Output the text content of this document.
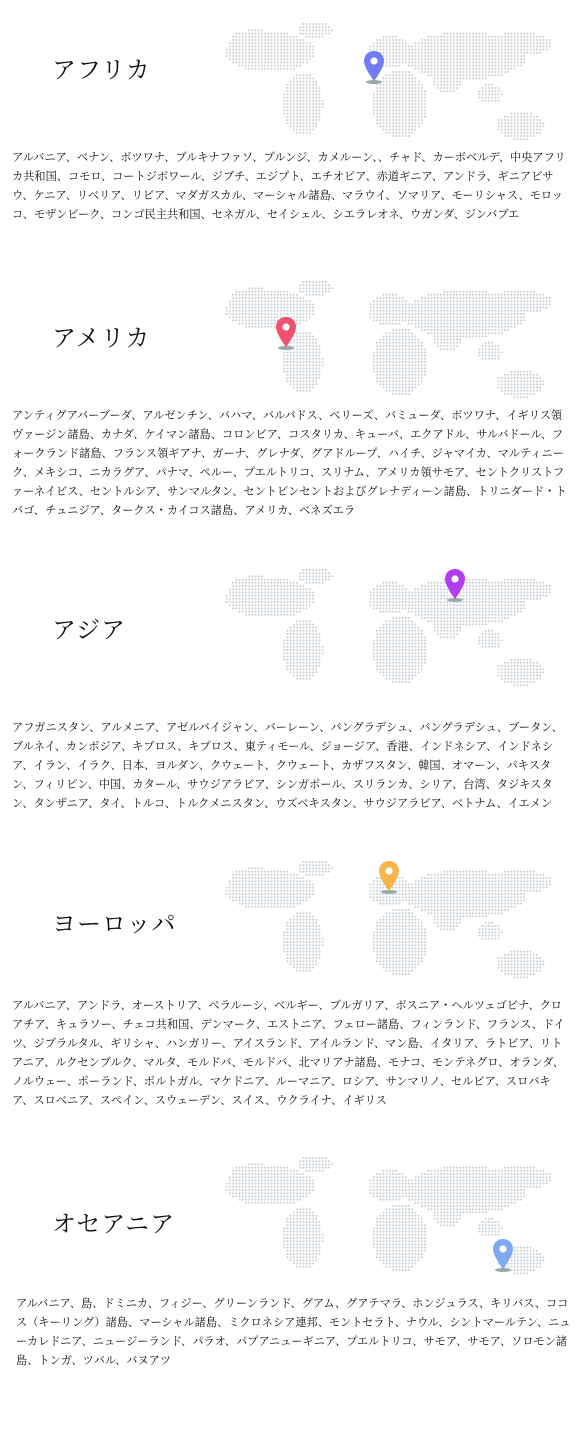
アフリカ
アルバニア、ベナン、ボツワナ、ブルキナファソ、ブルンジ、カメルーン、、チャド、カーボベルデ、中央アフリカ共和国、コモロ、コートジボワール、ジブチ、エジプト、エチオピア、赤道ギニア、アンドラ、ギニアビサウ、ケニア、リベリア、リビア、マダガスカル、マーシャル諸島、マラウイ、ソマリア、モーリシャス、モロッコ、モザンビーク、コンゴ民主共和国、セネガル、セイシェル、シエラレオネ、ウガンダ、ジンバブエ
アメリカ
アンティグアバーブーダ、アルゼンチン、バハマ、バルバドス、ベリーズ、バミューダ、ボツワナ、イギリス領ヴァージン諸島、カナダ、ケイマン諸島、コロンビア、コスタリカ、キューバ、エクアドル、サルバドール、フォークランド諸島、フランス領ギアナ、ガーナ、グレナダ、グアドループ、ハイチ、ジャマイカ、マルティニーク、メキシコ、ニカラグア、パナマ、ペルー、プエルトリコ、スリナム、アメリカ領サモア、セントクリストファーネイビス、セントルシア、サンマルタン、セントビンセントおよびグレナディーン諸島、トリニダード・トバゴ、チュニジア、タークス・カイコス諸島、アメリカ、ベネズエラ
アジア
アフガニスタン、アルメニア、アゼルバイジャン、バーレーン、バングラデシュ、バングラデシュ、ブータン、ブルネイ、カンボジア、キプロス、キプロス、東ティモール、ジョージア、香港、インドネシア、インドネシア、イラン、イラク、日本、ヨルダン、クウェート、クウェート、カザフスタン、韓国、オマーン、パキスタン、フィリピン、中国、カタール、サウジアラビア、シンガポール、スリランカ、シリア、台湾、タジキスタン、タンザニア、タイ、トルコ、トルクメニスタン、ウズベキスタン、サウジアラビア、ベトナム、イエメン
ヨーロッパ
アルバニア、アンドラ、オーストリア、ベラルーシ、ベルギー、ブルガリア、ボスニア・ヘルツェゴビナ、クロアチア、キュラソー、チェコ共和国、デンマーク、エストニア、フェロー諸島、フィンランド、フランス、ドイツ、ジブラルタル、ギリシャ、ハンガリー、アイスランド、アイルランド、マン島、イタリア、ラトビア、リトアニア、ルクセンブルク、マルタ、モルドバ、モルドバ、北マリアナ諸島、モナコ、モンテネグロ、オランダ、ノルウェー、ポーランド、ポルトガル、マケドニア、ルーマニア、ロシア、サンマリノ、セルビア、スロバキア、スロベニア、スペイン、スウェーデン、スイス、ウクライナ、イギリス
オセアニア
アルバニア、島、ドミニカ、フィジー、グリーンランド、グアム、グアテマラ、ホンジュラス、キリバス、ココス（キーリング）諸島、マーシャル諸島、ミクロネシア連邦、モントセラト、ナウル、シントマールテン、ニューカレドニア、ニュージーランド、パラオ、パプアニューギニア、プエルトリコ、サモア、サモア、ソロモン諸島、トンガ、ツバル、バヌアツ
